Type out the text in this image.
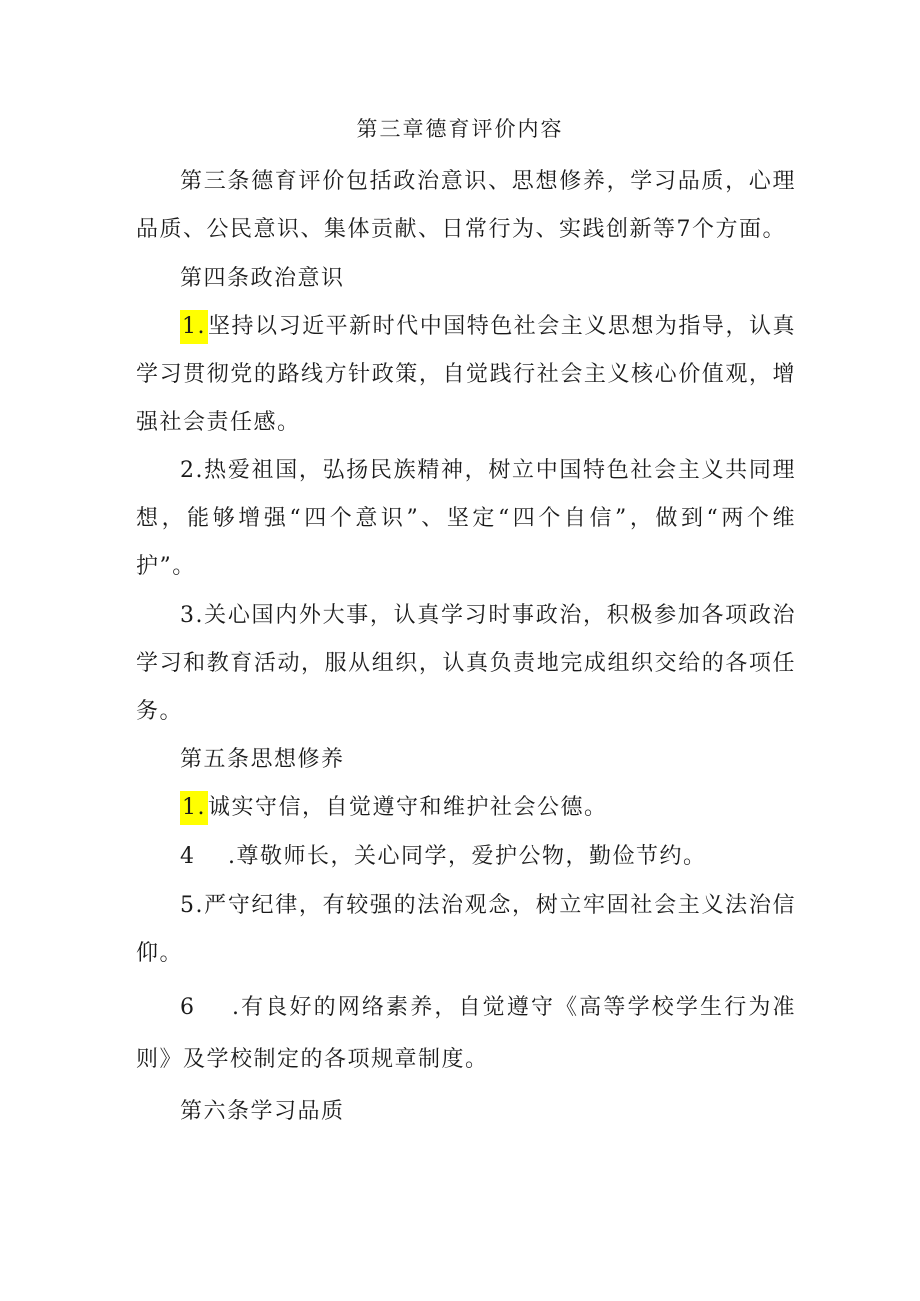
第三章德育评价内容

第三条德育评价包括政治意识、思想修养，学习品质，心理品质、公民意识、集体贡献、日常行为、实践创新等7个方面。

第四条政治意识

1.坚持以习近平新时代中国特色社会主义思想为指导，认真学习贯彻党的路线方针政策，自觉践行社会主义核心价值观，增强社会责任感。

2.热爱祖国，弘扬民族精神，树立中国特色社会主义共同理想，能够增强“四个意识”、坚定“四个自信”，做到“两个维护”。

3.关心国内外大事，认真学习时事政治，积极参加各项政治学习和教育活动，服从组织，认真负责地完成组织交给的各项任务。

第五条思想修养

1.诚实守信，自觉遵守和维护社会公德。

4 .尊敬师长，关心同学，爱护公物，勤俭节约。

5.严守纪律，有较强的法治观念，树立牢固社会主义法治信仰。

6 .有良好的网络素养，自觉遵守《高等学校学生行为准则》及学校制定的各项规章制度。

第六条学习品质
